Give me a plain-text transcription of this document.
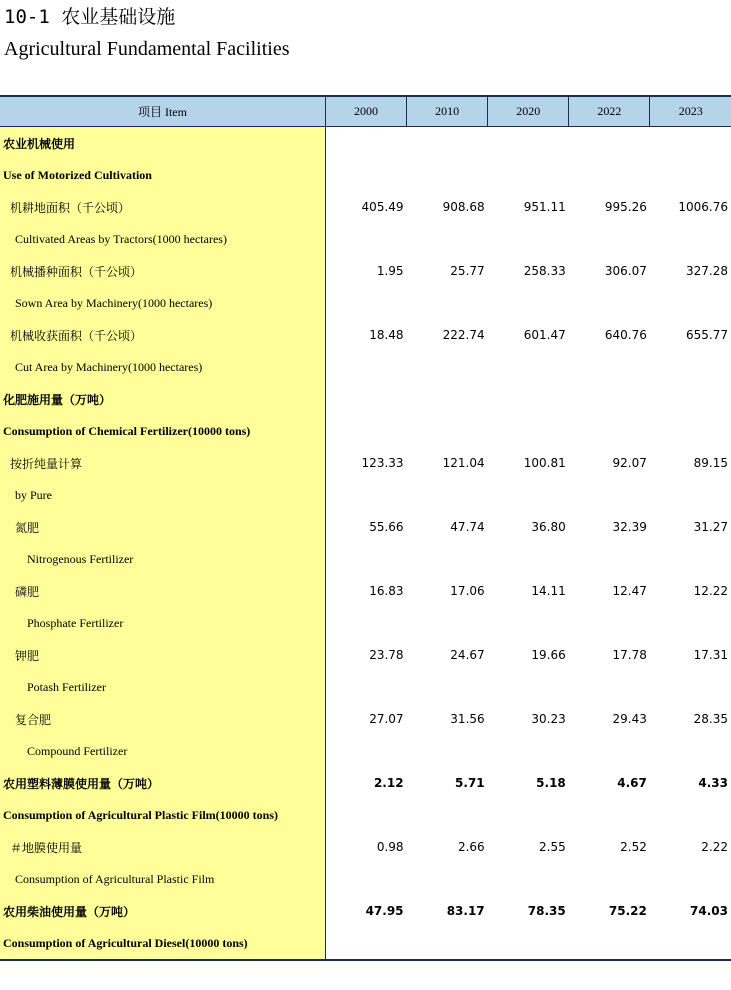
10-1 农业基础设施
Agricultural Fundamental Facilities
项目 Item	2000	2010	2020	2022	2023
农业机械使用					
Use of Motorized Cultivation					
机耕地面积（千公顷）	405.49	908.68	951.11	995.26	1006.76
Cultivated Areas by Tractors(1000 hectares)					
机械播种面积（千公顷）	1.95	25.77	258.33	306.07	327.28
Sown Area by Machinery(1000 hectares)					
机械收获面积（千公顷）	18.48	222.74	601.47	640.76	655.77
Cut Area by Machinery(1000 hectares)					
化肥施用量（万吨）					
Consumption of Chemical Fertilizer(10000 tons)					
按折纯量计算	123.33	121.04	100.81	92.07	89.15
by Pure					
氮肥	55.66	47.74	36.80	32.39	31.27
Nitrogenous Fertilizer					
磷肥	16.83	17.06	14.11	12.47	12.22
Phosphate Fertilizer					
钾肥	23.78	24.67	19.66	17.78	17.31
Potash Fertilizer					
复合肥	27.07	31.56	30.23	29.43	28.35
Compound Fertilizer					
农用塑料薄膜使用量（万吨）	2.12	5.71	5.18	4.67	4.33
Consumption of Agricultural Plastic Film(10000 tons)					
＃地膜使用量	0.98	2.66	2.55	2.52	2.22
Consumption of Agricultural Plastic Film					
农用柴油使用量（万吨）	47.95	83.17	78.35	75.22	74.03
Consumption of Agricultural Diesel(10000 tons)					
